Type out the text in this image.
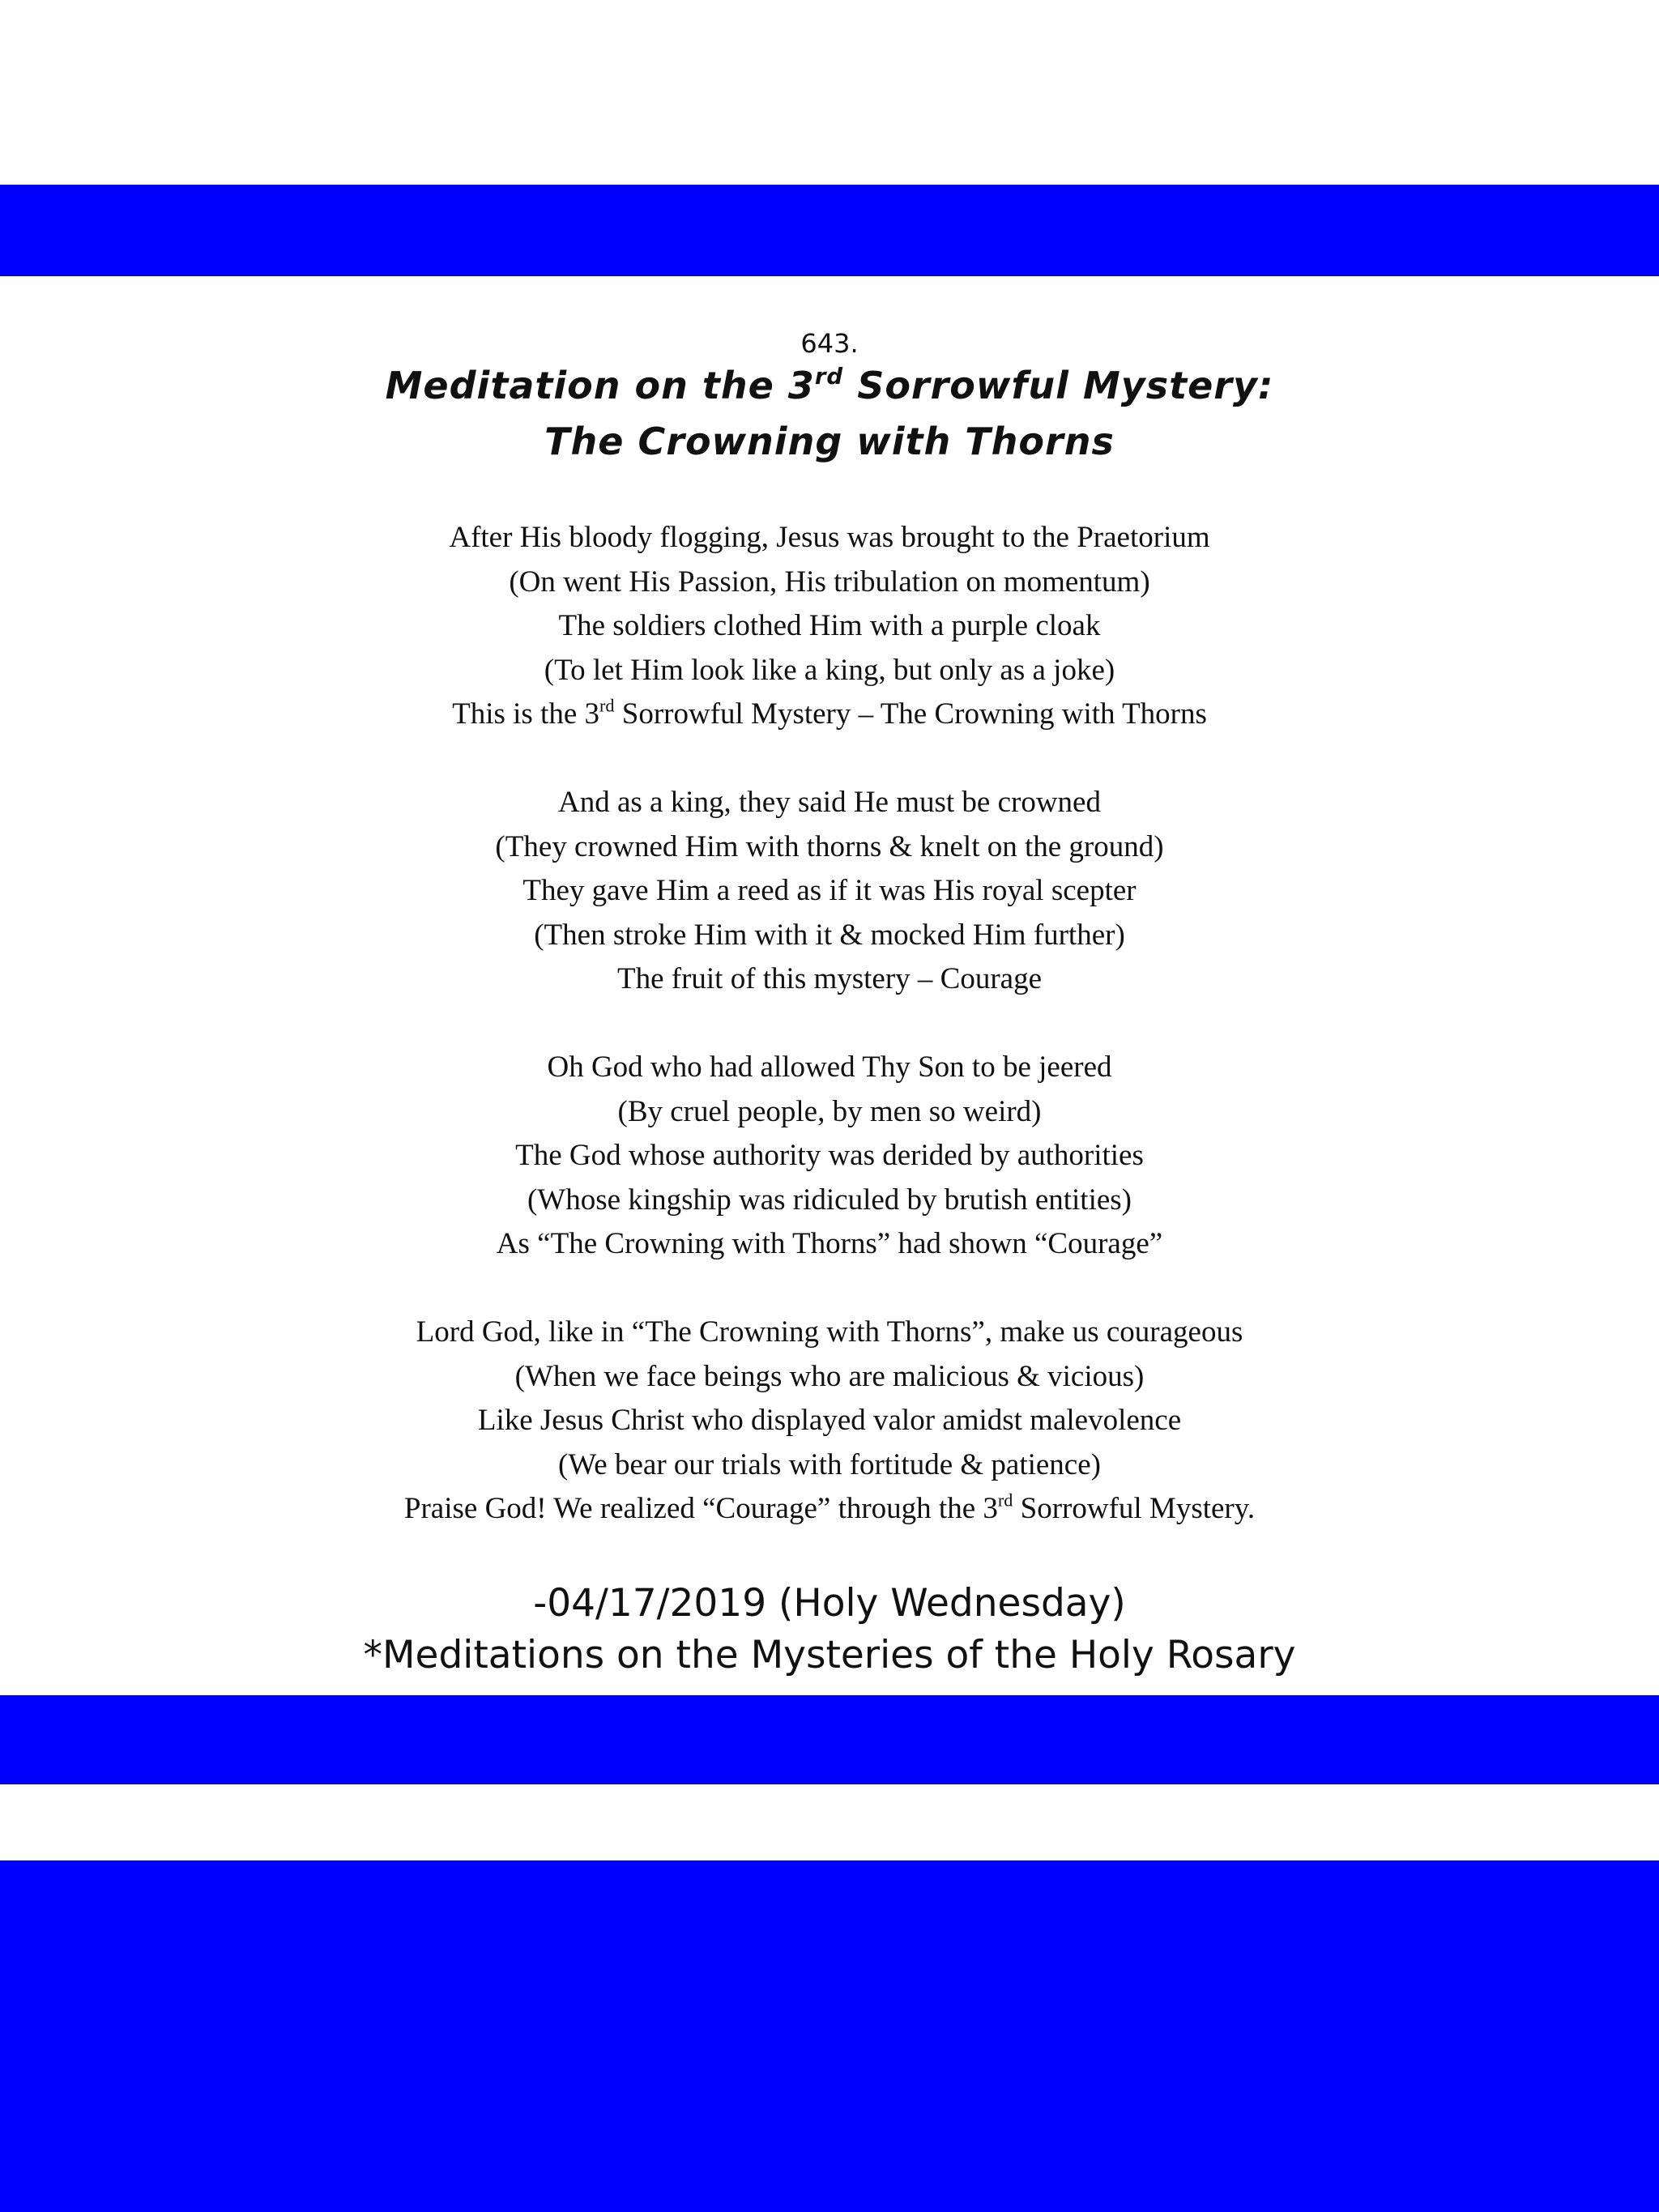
643.
Meditation on the 3rd Sorrowful Mystery:
The Crowning with Thorns
After His bloody flogging, Jesus was brought to the Praetorium
(On went His Passion, His tribulation on momentum)
The soldiers clothed Him with a purple cloak
(To let Him look like a king, but only as a joke)
This is the 3rd Sorrowful Mystery – The Crowning with Thorns
And as a king, they said He must be crowned
(They crowned Him with thorns & knelt on the ground)
They gave Him a reed as if it was His royal scepter
(Then stroke Him with it & mocked Him further)
The fruit of this mystery – Courage
Oh God who had allowed Thy Son to be jeered
(By cruel people, by men so weird)
The God whose authority was derided by authorities
(Whose kingship was ridiculed by brutish entities)
As “The Crowning with Thorns” had shown “Courage”
Lord God, like in “The Crowning with Thorns”, make us courageous
(When we face beings who are malicious & vicious)
Like Jesus Christ who displayed valor amidst malevolence
(We bear our trials with fortitude & patience)
Praise God! We realized “Courage” through the 3rd Sorrowful Mystery.
-04/17/2019 (Holy Wednesday)
*Meditations on the Mysteries of the Holy Rosary
